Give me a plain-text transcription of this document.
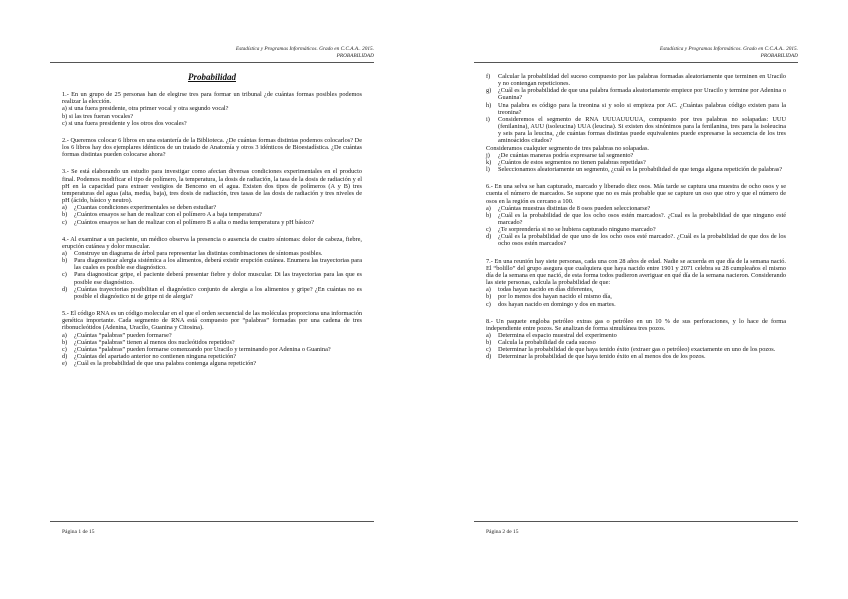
Estadística y Programas Informáticos. Grado en C.C.A.A.. 2015.
PROBABILIDAD
Probabilidad

1.- En un grupo de 25 personas han de elegirse tres para formar un tribunal ¿de cuántas formas posibles podemos realizar la elección.

a) si una fuera presidente, otra primer vocal y otra segundo vocal?

b) si las tres fueran vocales?

c) si una fuera presidente y los otros dos vocales?

2.- Queremos colocar 6 libros en una estantería de la Biblioteca. ¿De cuántas formas distintas podemos colocarlos? De los 6 libros hay dos ejemplares idénticos de un tratado de Anatomía y otros 3 idénticos de Bioestadística. ¿De cuántas formas distintas pueden colocarse ahora?

3.- Se está elaborando un estudio para investigar como afectan diversas condiciones experimentales en el producto final. Podemos modificar el tipo de polímero, la temperatura, la dosis de radiación, la tasa de la dosis de radiación y el pH en la capacidad para extraer vestigios de Benceno en el agua. Existen dos tipos de polímeros (A y B) tres temperaturas del agua (alta, media, baja), tres dosis de radiación, tres tasas de las dosis de radiación y tres niveles de pH (ácido, básico y neutro).

a)	¿Cuantas condiciones experimentales se deben estudiar?
b)	¿Cuántos ensayos se han de realizar con el polímero A a baja temperatura?
c)	¿Cuántos ensayos se han de realizar con el polímero B a alta o media temperatura y pH básico?

4.- Al examinar a un paciente, un médico observa la presencia o ausencia de cuatro síntomas: dolor de cabeza, fiebre, erupción cutánea y dolor muscular.

a)	Construye un diagrama de árbol para representar las distintas combinaciones de síntomas posibles.
b)	Para diagnosticar alergia sistémica a los alimentos, deberá existir erupción cutánea. Enumera las trayectorias para las cuales es posible ese diagnóstico.
c)	Para diagnosticar gripe, el paciente deberá presentar fiebre y dolor muscular. Di las trayectorias para las que es posible ese diagnóstico.
d)	¿Cuántas trayectorias posibilitan el diagnóstico conjunto de alergia a los alimentos y gripe? ¿En cuántas no es posible el diagnóstico ni de gripe ni de alergia?

5.- El código RNA es un código molecular en el que el orden secuencial de las moléculas proporciona una información genética importante. Cada segmento de RNA está compuesto por “palabras” formadas por una cadena de tres ribonucleótidos (Adenina, Uracilo, Guanina y Citosina).

a)	¿Cuántas “palabras” pueden formarse?
b)	¿Cuántas “palabras” tienen al menos dos nucleótidos repetidos?
c)	¿Cuántas “palabras” pueden formarse comenzando por Uracilo y terminando por Adenina o Guanina?
d)	¿Cuántas del apartado anterior no contienen ninguna repetición?
e)	¿Cuál es la probabilidad de que una palabra contenga alguna repetición?
Página 1 de 15
Estadística y Programas Informáticos. Grado en C.C.A.A.. 2015.
PROBABILIDAD
f)	Calcular la probabilidad del suceso compuesto por las palabras formadas aleatoriamente que terminen en Uracilo y no contengan repeticiones.
g)	¿Cuál es la probabilidad de que una palabra formada aleatoriamente empiece por Uracilo y termine por Adenina o Guanina?
h)	Una palabra es código para la treonina si y solo si empieza por AC. ¿Cuántas palabras código existen para la treonina?
i)	Consideremos el segmento de RNA UUUAUUUUA, compuesto por tres palabras no solapadas: UUU (fenilanina), AUU (isoleucina) UUA (leucina). Si existen dos sinónimos para la fenilanina, tres para la isoleucina y seis para la leucina, ¿de cuántas formas distintas puede equivalentes puede expresarse la secuencia de los tres aminoácidos citados?

Consideramos cualquier segmento de tres palabras no solapadas.

j)	¿De cuántas maneras podría expresarse tal segmento?
k)	¿Cuántos de estos segmentos no tienen palabras repetidas?
l)	Seleccionamos aleatoriamente un segmento, ¿cuál es la probabilidad de que tenga alguna repetición de palabras?

6.- En una selva se han capturado, marcado y liberado diez osos. Más tarde se captura una muestra de ocho osos y se cuenta el número de marcados. Se supone que no es más probable que se capture un oso que otro y que el número de osos en la región es cercano a 100.

a)	¿Cuántas muestras distintas de 8 osos pueden seleccionarse?
b)	¿Cuál es la probabilidad de que los ocho osos estén marcados?. ¿Cual es la probabilidad de que ninguno esté marcado?
c)	¿Te sorprendería si no se hubiera capturado ninguno marcado?
d)	¿Cuál es la probabilidad de que uno de los ocho osos esté marcado?. ¿Cuál es la probabilidad de que dos de los ocho osos estén marcados?

7.- En una reunión hay siete personas, cada una con 28 años de edad. Nadie se acuerda en que día de la semana nació. El “bolillo” del grupo asegura que cualquiera que haya nacido entre 1901 y 2071 celebra su 28 cumpleaños el mismo día de la semana en que nació, de esta forma todos pudieron averiguar en qué día de la semana nacieron. Considerando las siete personas, calcula la probabilidad de que:

a)	todas hayan nacido en días diferentes,
b)	por lo menos dos hayan nacido el mismo día,
c)	dos hayan nacido en domingo y dos en martes.

8.- Un paquete engloba petróleo extras gas o petróleo en un 10 % de sus perforaciones, y lo hace de forma independiente entre pozos. Se analizan de forma simultánea tres pozos.

a)	Determina el espacio muestral del experimento
b)	Calcula la probabilidad de cada suceso
c)	Determinar la probabilidad de que haya tenido éxito (extraer gas o petróleo) exactamente en uno de los pozos.
d)	Determinar la probabilidad de que haya tenido éxito en al menos dos de los pozos.
Página 2 de 15
